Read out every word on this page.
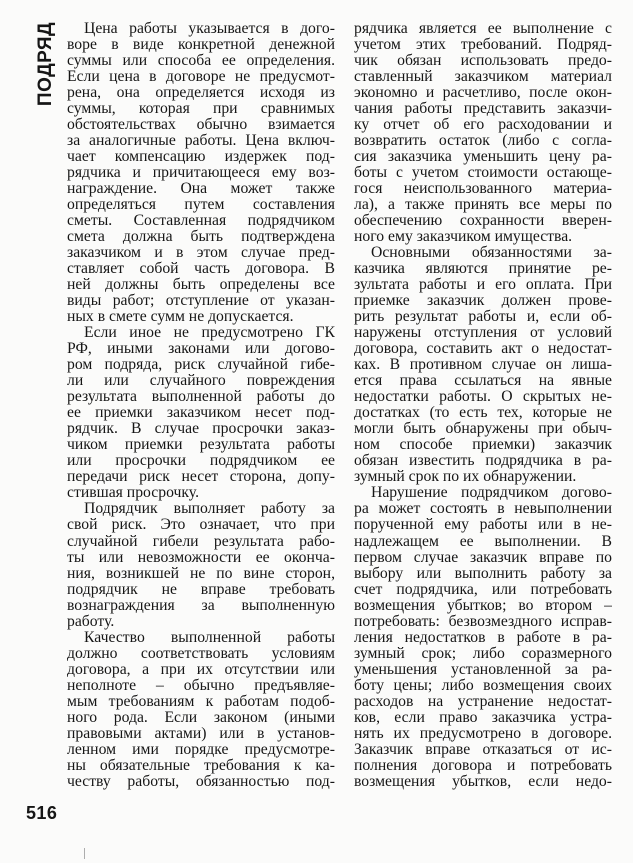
ПОДРЯД	Цена работы указывается в дого-
воре в виде конкретной денежной
суммы или способа ее определения.
Если цена в договоре не предусмот-
рена, она определяется исходя из
суммы, которая при сравнимых
обстоятельствах обычно взимается
за аналогичные работы. Цена включ-
чает компенсацию издержек под-
рядчика и причитающееся ему воз-
награждение. Она может также
определяться путем составления
сметы. Составленная подрядчиком
смета должна быть подтверждена
заказчиком и в этом случае пред-
ставляет собой часть договора. В
ней должны быть определены все
виды работ; отступление от указан-
ных в смете сумм не допускается.
Если иное не предусмотрено ГК
РФ, иными законами или догово-
ром подряда, риск случайной гибе-
ли или случайного повреждения
результата выполненной работы до
ее приемки заказчиком несет под-
рядчик. В случае просрочки заказ-
чиком приемки результата работы
или просрочки подрядчиком ее
передачи риск несет сторона, допу-
стившая просрочку.
Подрядчик выполняет работу за
свой риск. Это означает, что при
случайной гибели результата рабо-
ты или невозможности ее оконча-
ния, возникшей не по вине сторон,
подрядчик не вправе требовать
вознаграждения за выполненную
работу.
Качество выполненной работы
должно соответствовать условиям
договора, а при их отсутствии или
неполноте – обычно предъявляе-
мым требованиям к работам подоб-
ного рода. Если законом (иными
правовыми актами) или в установ-
ленном ими порядке предусмотре-
ны обязательные требования к ка-
честву работы, обязанностью под-
рядчика является ее выполнение с
учетом этих требований. Подряд-
чик обязан использовать предо-
ставленный заказчиком материал
экономно и расчетливо, после окон-
чания работы представить заказчи-
ку отчет об его расходовании и
возвратить остаток (либо с согла-
сия заказчика уменьшить цену ра-
боты с учетом стоимости остающе-
гося неиспользованного материа-
ла), а также принять все меры по
обеспечению сохранности вверен-
ного ему заказчиком имущества.
Основными обязанностями за-
казчика являются принятие ре-
зультата работы и его оплата. При
приемке заказчик должен прове-
рить результат работы и, если об-
наружены отступления от условий
договора, составить акт о недостат-
ках. В противном случае он лиша-
ется права ссылаться на явные
недостатки работы. О скрытых не-
достатках (то есть тех, которые не
могли быть обнаружены при обыч-
ном способе приемки) заказчик
обязан известить подрядчика в ра-
зумный срок по их обнаружении.
Нарушение подрядчиком догово-
ра может состоять в невыполнении
порученной ему работы или в не-
надлежащем ее выполнении. В
первом случае заказчик вправе по
выбору или выполнить работу за
счет подрядчика, или потребовать
возмещения убытков; во втором –
потребовать: безвозмездного исправ-
ления недостатков в работе в ра-
зумный срок; либо соразмерного
уменьшения установленной за ра-
боту цены; либо возмещения своих
расходов на устранение недостат-
ков, если право заказчика устра-
нять их предусмотрено в договоре.
Заказчик вправе отказаться от ис-
полнения договора и потребовать
возмещения убытков, если недо-
516
